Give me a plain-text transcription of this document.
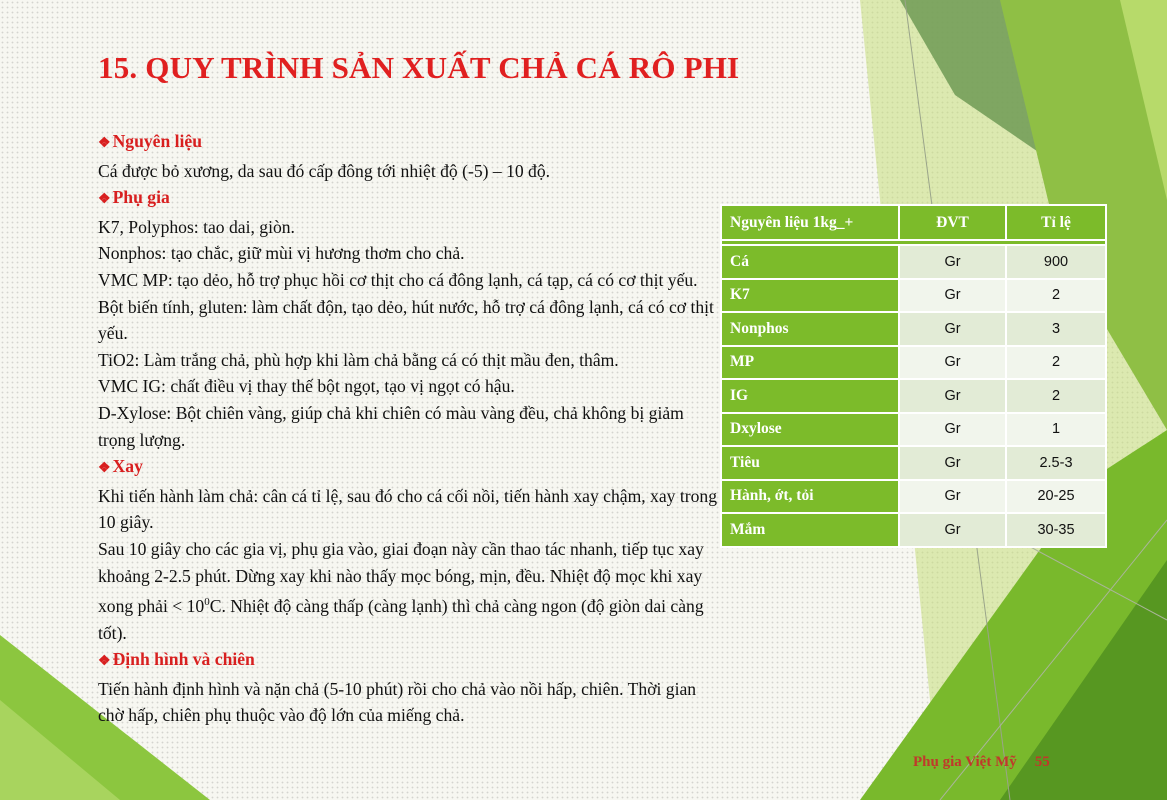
15. QUY TRÌNH SẢN XUẤT CHẢ CÁ RÔ PHI

❖ Nguyên liệu

Cá được bỏ xương, da sau đó cấp đông tới nhiệt độ (-5) – 10 độ.

❖ Phụ gia

K7, Polyphos: tao dai, giòn.

Nonphos: tạo chắc, giữ mùi vị hương thơm cho chả.

VMC MP: tạo dẻo, hỗ trợ phục hồi cơ thịt cho cá đông lạnh, cá tạp, cá có cơ thịt yếu.

Bột biến tính, gluten: làm chất độn, tạo dẻo, hút nước, hỗ trợ cá đông lạnh, cá có cơ thịt yếu.

TiO2: Làm trắng chả, phù hợp khi làm chả bằng cá có thịt mầu đen, thâm.

VMC IG: chất điều vị thay thế bột ngọt, tạo vị ngọt có hậu.

D-Xylose: Bột chiên vàng, giúp chả khi chiên có màu vàng đều, chả không bị giảm trọng lượng.

❖ Xay

Khi tiến hành làm chả: cân cá tỉ lệ, sau đó cho cá cối nồi, tiến hành xay chậm, xay trong 10 giây.

Sau 10 giây cho các gia vị, phụ gia vào, giai đoạn này cần thao tác nhanh, tiếp tục xay khoảng 2-2.5 phút. Dừng xay khi nào thấy mọc bóng, mịn, đều. Nhiệt độ mọc khi xay xong phải < $10^0C$. Nhiệt độ càng thấp (càng lạnh) thì chả càng ngon (độ giòn dai càng tốt).

❖ Định hình và chiên

Tiến hành định hình và nặn chả (5-10 phút) rồi cho chả vào nồi hấp, chiên. Thời gian chờ hấp, chiên phụ thuộc vào độ lớn của miếng chả.

Nguyên liệu 1kg_+	ĐVT	Tỉ lệ

Cá	Gr	900
K7	Gr	2
Nonphos	Gr	3
MP	Gr	2
IG	Gr	2
Dxylose	Gr	1
Tiêu	Gr	2.5-3
Hành, ớt, tỏi	Gr	20-25
Mắm	Gr	30-35
Phụ gia Việt Mỹ 55
